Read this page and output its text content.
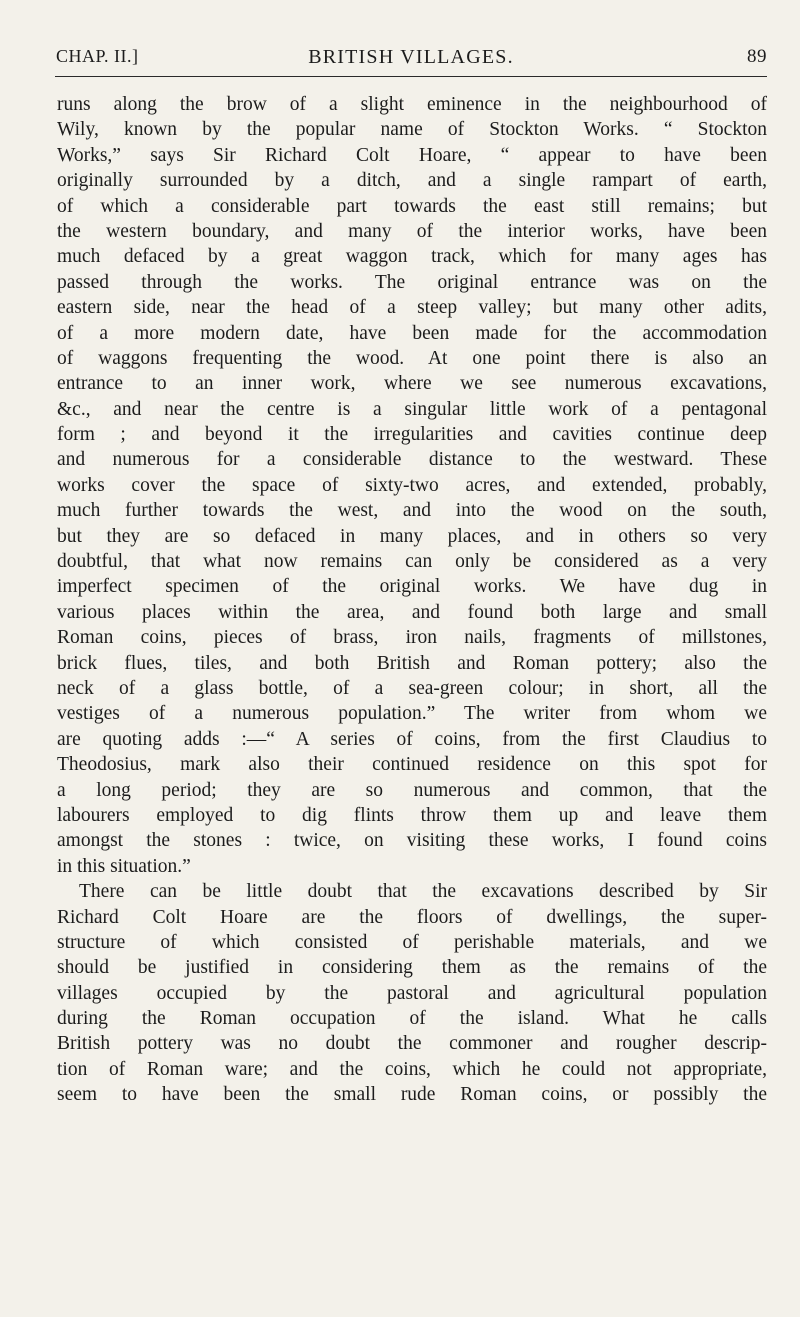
CHAP. II.]	BRITISH VILLAGES.	89

runs along the brow of a slight eminence in the neighbourhood of
Wily, known by the popular name of Stockton Works. “ Stockton
Works,” says Sir Richard Colt Hoare, “ appear to have been
originally surrounded by a ditch, and a single rampart of earth,
of which a considerable part towards the east still remains; but
the western boundary, and many of the interior works, have been
much defaced by a great waggon track, which for many ages has
passed through the works. The original entrance was on the
eastern side, near the head of a steep valley; but many other adits,
of a more modern date, have been made for the accommodation
of waggons frequenting the wood. At one point there is also an
entrance to an inner work, where we see numerous excavations,
&c., and near the centre is a singular little work of a pentagonal
form ; and beyond it the irregularities and cavities continue deep
and numerous for a considerable distance to the westward. These
works cover the space of sixty-two acres, and extended, probably,
much further towards the west, and into the wood on the south,
but they are so defaced in many places, and in others so very
doubtful, that what now remains can only be considered as a very
imperfect specimen of the original works. We have dug in
various places within the area, and found both large and small
Roman coins, pieces of brass, iron nails, fragments of millstones,
brick flues, tiles, and both British and Roman pottery; also the
neck of a glass bottle, of a sea-green colour; in short, all the
vestiges of a numerous population.” The writer from whom we
are quoting adds :—“ A series of coins, from the first Claudius to
Theodosius, mark also their continued residence on this spot for
a long period; they are so numerous and common, that the
labourers employed to dig flints throw them up and leave them
amongst the stones : twice, on visiting these works, I found coins
in this situation.”

There can be little doubt that the excavations described by Sir
Richard Colt Hoare are the floors of dwellings, the super-
structure of which consisted of perishable materials, and we
should be justified in considering them as the remains of the
villages occupied by the pastoral and agricultural population
during the Roman occupation of the island. What he calls
British pottery was no doubt the commoner and rougher descrip-
tion of Roman ware; and the coins, which he could not appropriate,
seem to have been the small rude Roman coins, or possibly the
